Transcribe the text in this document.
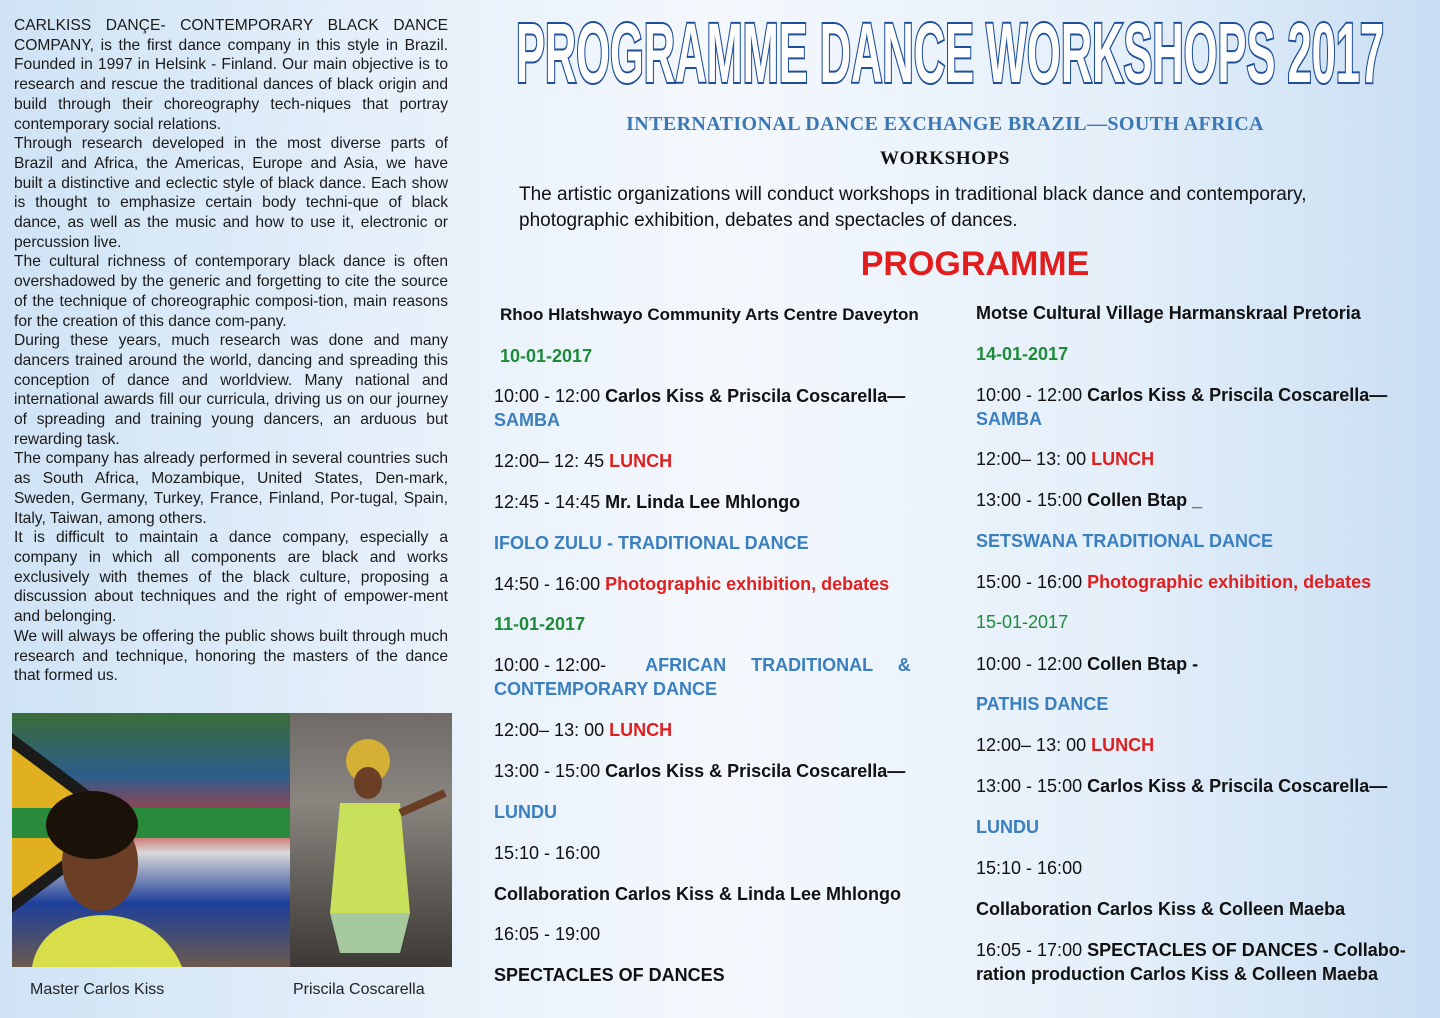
CARLKISS DANÇE- CONTEMPORARY BLACK DANCE COMPANY, is the first dance company in this style in Brazil. Founded in 1997 in Helsink - Finland. Our main objective is to research and rescue the traditional dances of black origin and build through their choreography tech-niques that portray contemporary social relations.

Through research developed in the most diverse parts of Brazil and Africa, the Americas, Europe and Asia, we have built a distinctive and eclectic style of black dance. Each show is thought to emphasize certain body techni-que of black dance, as well as the music and how to use it, electronic or percussion live.

The cultural richness of contemporary black dance is often overshadowed by the generic and forgetting to cite the source of the technique of choreographic composi-tion, main reasons for the creation of this dance com-pany.

During these years, much research was done and many dancers trained around the world, dancing and spreading this conception of dance and worldview. Many national and international awards fill our curricula, driving us on our journey of spreading and training young dancers, an arduous but rewarding task.

The company has already performed in several countries such as South Africa, Mozambique, United States, Den-mark, Sweden, Germany, Turkey, France, Finland, Por-tugal, Spain, Italy, Taiwan, among others.

It is difficult to maintain a dance company, especially a company in which all components are black and works exclusively with themes of the black culture, proposing a discussion about techniques and the right of empower-ment and belonging.

We will always be offering the public shows built through much research and technique, honoring the masters of the dance that formed us.

Master Carlos Kiss	Priscila Coscarella
PROGRAMME DANCE WORKSHOPS 2017
INTERNATIONAL DANCE EXCHANGE BRAZIL—SOUTH AFRICA
WORKSHOPS
The artistic organizations will conduct workshops in traditional black dance and contemporary, photographic exhibition, debates and spectacles of dances.
PROGRAMME
Rhoo Hlatshwayo Community Arts Centre Daveyton
10-01-2017
10:00 - 12:00 Carlos Kiss & Priscila Coscarella—
SAMBA
12:00– 12: 45 LUNCH
12:45 - 14:45 Mr. Linda Lee Mhlongo
IFOLO ZULU - TRADITIONAL DANCE
14:50 - 16:00 Photographic exhibition, debates
11-01-2017
10:00 - 12:00- AFRICAN TRADITIONAL &
CONTEMPORARY DANCE
12:00– 13: 00 LUNCH
13:00 - 15:00 Carlos Kiss & Priscila Coscarella—
LUNDU
15:10 - 16:00
Collaboration Carlos Kiss & Linda Lee Mhlongo
16:05 - 19:00
SPECTACLES OF DANCES
Motse Cultural Village Harmanskraal Pretoria
14-01-2017
10:00 - 12:00 Carlos Kiss & Priscila Coscarella—
SAMBA
12:00– 13: 00 LUNCH
13:00 - 15:00 Collen Btap _
SETSWANA TRADITIONAL DANCE
15:00 - 16:00 Photographic exhibition, debates
15-01-2017
10:00 - 12:00 Collen Btap -
PATHIS DANCE
12:00– 13: 00 LUNCH
13:00 - 15:00 Carlos Kiss & Priscila Coscarella—
LUNDU
15:10 - 16:00
Collaboration Carlos Kiss & Colleen Maeba
16:05 - 17:00 SPECTACLES OF DANCES - Collabo-ration production Carlos Kiss & Colleen Maeba
